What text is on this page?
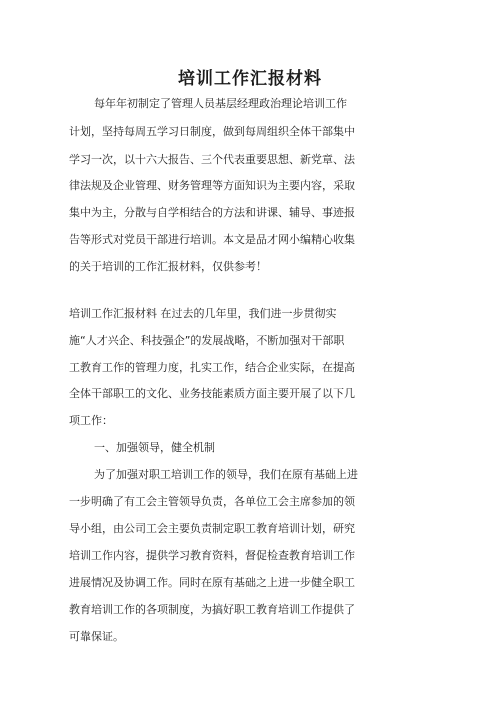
培训工作汇报材料

每年年初制定了管理人员基层经理政治理论培训工作

计划，坚持每周五学习日制度，做到每周组织全体干部集中

学习一次，以十六大报告、三个代表重要思想、新党章、法

律法规及企业管理、财务管理等方面知识为主要内容，采取

集中为主，分散与自学相结合的方法和讲课、辅导、事迹报

告等形式对党员干部进行培训。本文是品才网小编精心收集

的关于培训的工作汇报材料，仅供参考！

培训工作汇报材料 在过去的几年里，我们进一步贯彻实

施“人才兴企、科技强企”的发展战略，不断加强对干部职

工教育工作的管理力度，扎实工作，结合企业实际，在提高

全体干部职工的文化、业务技能素质方面主要开展了以下几

项工作：

一、加强领导，健全机制

为了加强对职工培训工作的领导，我们在原有基础上进

一步明确了有工会主管领导负责，各单位工会主席参加的领

导小组，由公司工会主要负责制定职工教育培训计划，研究

培训工作内容，提供学习教育资料，督促检查教育培训工作

进展情况及协调工作。同时在原有基础之上进一步健全职工

教育培训工作的各项制度，为搞好职工教育培训工作提供了

可靠保证。
